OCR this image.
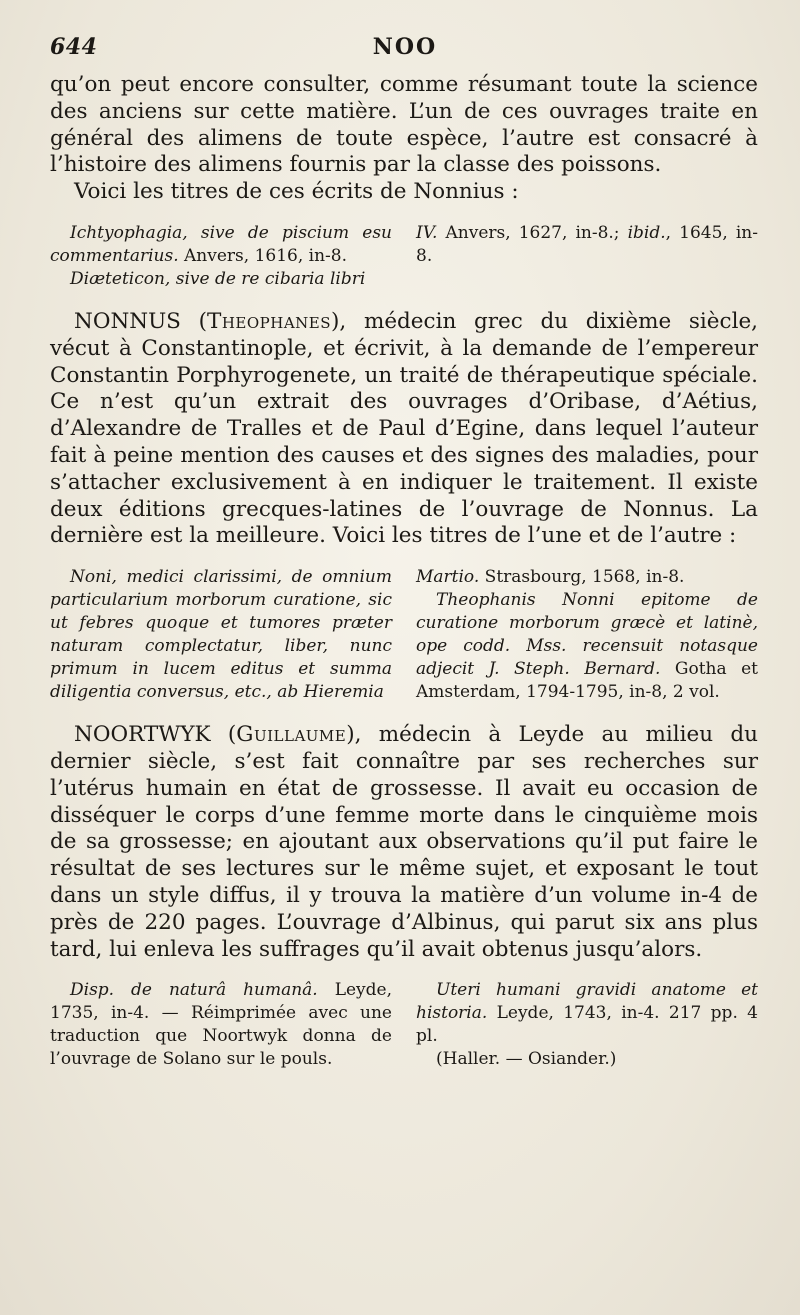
644	NOO

qu’on peut encore consulter, comme résumant toute la science des anciens sur cette matière. L’un de ces ouvrages traite en général des alimens de toute espèce, l’autre est consacré à l’histoire des alimens fournis par la classe des poissons.

Voici les titres de ces écrits de Nonnius :

Ichtyophagia, sive de piscium esu commentarius. Anvers, 1616, in-8.

Diæteticon, sive de re cibaria libri

IV. Anvers, 1627, in-8.; ibid., 1645, in-8.

NONNUS (Theophanes), médecin grec du dixième siècle, vécut à Constantinople, et écrivit, à la demande de l’empereur Constantin Porphyrogenete, un traité de thérapeutique spéciale. Ce n’est qu’un extrait des ouvrages d’Oribase, d’Aétius, d’Alexandre de Tralles et de Paul d’Egine, dans lequel l’auteur fait à peine mention des causes et des signes des maladies, pour s’attacher exclusivement à en indiquer le traitement. Il existe deux éditions grecques-latines de l’ouvrage de Nonnus. La dernière est la meilleure. Voici les titres de l’une et de l’autre :

Noni, medici clarissimi, de omnium particularium morborum curatione, sic ut febres quoque et tumores præter naturam complectatur, liber, nunc primum in lucem editus et summa diligentia conversus, etc., ab Hieremia

Martio. Strasbourg, 1568, in-8.

Theophanis Nonni epitome de curatione morborum græcè et latinè, ope codd. Mss. recensuit notasque adjecit J. Steph. Bernard. Gotha et Amsterdam, 1794-1795, in-8, 2 vol.

NOORTWYK (Guillaume), médecin à Leyde au milieu du dernier siècle, s’est fait connaître par ses recherches sur l’utérus humain en état de grossesse. Il avait eu occasion de disséquer le corps d’une femme morte dans le cinquième mois de sa grossesse; en ajoutant aux observations qu’il put faire le résultat de ses lectures sur le même sujet, et exposant le tout dans un style diffus, il y trouva la matière d’un volume in-4 de près de 220 pages. L’ouvrage d’Albinus, qui parut six ans plus tard, lui enleva les suffrages qu’il avait obtenus jusqu’alors.

Disp. de naturâ humanâ. Leyde, 1735, in-4. — Réimprimée avec une traduction que Noortwyk donna de l’ouvrage de Solano sur le pouls.

Uteri humani gravidi anatome et historia. Leyde, 1743, in-4. 217 pp. 4 pl.

(Haller. — Osiander.)
